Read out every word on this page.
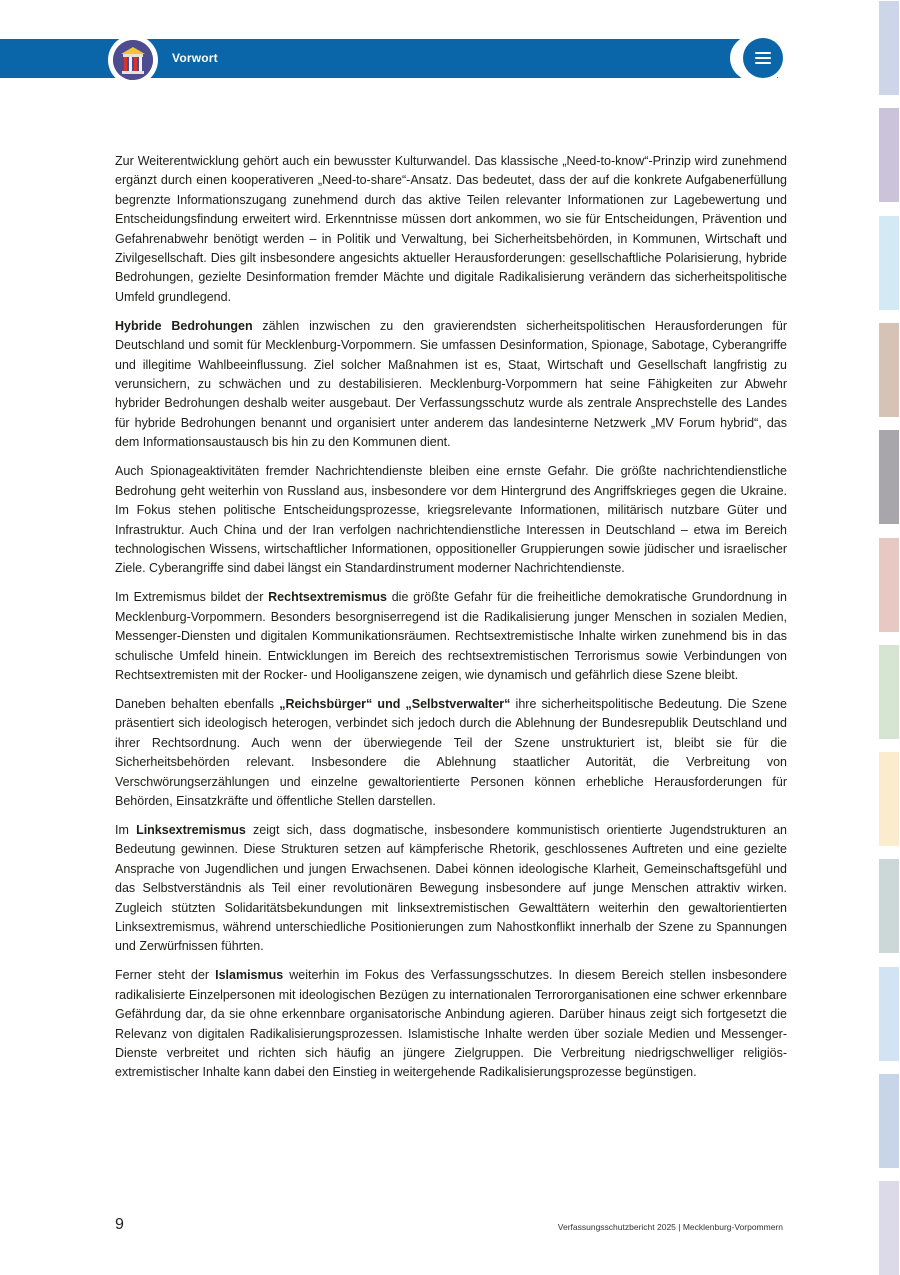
Vorwort

Zur Weiterentwicklung gehört auch ein bewusster Kulturwandel. Das klassische „Need-to-know“-Prinzip wird zunehmend ergänzt durch einen kooperativeren „Need-to-share“-Ansatz. Das bedeutet, dass der auf die konkrete Aufgabenerfüllung begrenzte Informationszugang zunehmend durch das aktive Teilen relevanter Informationen zur Lagebewertung und Entscheidungsfindung erweitert wird. Erkenntnisse müssen dort ankommen, wo sie für Entscheidungen, Prävention und Gefahrenabwehr benötigt werden – in Politik und Verwaltung, bei Sicherheitsbehörden, in Kommunen, Wirtschaft und Zivilgesellschaft. Dies gilt insbesondere angesichts aktueller Herausforderungen: gesellschaftliche Polarisierung, hybride Bedrohungen, gezielte Desinformation fremder Mächte und digitale Radikalisierung verändern das sicherheitspolitische Umfeld grundlegend.

Hybride Bedrohungen zählen inzwischen zu den gravierendsten sicherheitspolitischen Herausforderungen für Deutschland und somit für Mecklenburg-Vorpommern. Sie umfassen Desinformation, Spionage, Sabotage, Cyberangriffe und illegitime Wahlbeeinflussung. Ziel solcher Maßnahmen ist es, Staat, Wirtschaft und Gesellschaft langfristig zu verunsichern, zu schwächen und zu destabilisieren. Mecklenburg-Vorpommern hat seine Fähigkeiten zur Abwehr hybrider Bedrohungen deshalb weiter ausgebaut. Der Verfassungsschutz wurde als zentrale Ansprechstelle des Landes für hybride Bedrohungen benannt und organisiert unter anderem das landesinterne Netzwerk „MV Forum hybrid“, das dem Informationsaustausch bis hin zu den Kommunen dient.

Auch Spionageaktivitäten fremder Nachrichtendienste bleiben eine ernste Gefahr. Die größte nachrichtendienstliche Bedrohung geht weiterhin von Russland aus, insbesondere vor dem Hintergrund des Angriffskrieges gegen die Ukraine. Im Fokus stehen politische Entscheidungsprozesse, kriegsrelevante Informationen, militärisch nutzbare Güter und Infrastruktur. Auch China und der Iran verfolgen nachrichtendienstliche Interessen in Deutschland – etwa im Bereich technologischen Wissens, wirtschaftlicher Informationen, oppositioneller Gruppierungen sowie jüdischer und israelischer Ziele. Cyberangriffe sind dabei längst ein Standardinstrument moderner Nachrichtendienste.

Im Extremismus bildet der Rechtsextremismus die größte Gefahr für die freiheitliche demokratische Grundordnung in Mecklenburg-Vorpommern. Besonders besorgniserregend ist die Radikalisierung junger Menschen in sozialen Medien, Messenger-Diensten und digitalen Kommunikationsräumen. Rechtsextremistische Inhalte wirken zunehmend bis in das schulische Umfeld hinein. Entwicklungen im Bereich des rechtsextremistischen Terrorismus sowie Verbindungen von Rechtsextremisten mit der Rocker- und Hooliganszene zeigen, wie dynamisch und gefährlich diese Szene bleibt.

Daneben behalten ebenfalls „Reichsbürger“ und „Selbstverwalter“ ihre sicherheitspolitische Bedeutung. Die Szene präsentiert sich ideologisch heterogen, verbindet sich jedoch durch die Ablehnung der Bundesrepublik Deutschland und ihrer Rechtsordnung. Auch wenn der überwiegende Teil der Szene unstrukturiert ist, bleibt sie für die Sicherheitsbehörden relevant. Insbesondere die Ablehnung staatlicher Autorität, die Verbreitung von Verschwörungserzählungen und einzelne gewaltorientierte Personen können erhebliche Herausforderungen für Behörden, Einsatzkräfte und öffentliche Stellen darstellen.

Im Linksextremismus zeigt sich, dass dogmatische, insbesondere kommunistisch orientierte Jugendstrukturen an Bedeutung gewinnen. Diese Strukturen setzen auf kämpferische Rhetorik, geschlossenes Auftreten und eine gezielte Ansprache von Jugendlichen und jungen Erwachsenen. Dabei können ideologische Klarheit, Gemeinschaftsgefühl und das Selbstverständnis als Teil einer revolutionären Bewegung insbesondere auf junge Menschen attraktiv wirken. Zugleich stützten Solidaritätsbekundungen mit linksextremistischen Gewalttätern weiterhin den gewaltorientierten Linksextremismus, während unterschiedliche Positionierungen zum Nahostkonflikt innerhalb der Szene zu Spannungen und Zerwürfnissen führten.

Ferner steht der Islamismus weiterhin im Fokus des Verfassungsschutzes. In diesem Bereich stellen insbesondere radikalisierte Einzelpersonen mit ideologischen Bezügen zu internationalen Terrororganisationen eine schwer erkennbare Gefährdung dar, da sie ohne erkennbare organisatorische Anbindung agieren. Darüber hinaus zeigt sich fortgesetzt die Relevanz von digitalen Radikalisierungsprozessen. Islamistische Inhalte werden über soziale Medien und Messenger-Dienste verbreitet und richten sich häufig an jüngere Zielgruppen. Die Verbreitung niedrigschwelliger religiös-extremistischer Inhalte kann dabei den Einstieg in weitergehende Radikalisierungsprozesse begünstigen.

9	Verfassungsschutzbericht 2025 | Mecklenburg-Vorpommern
